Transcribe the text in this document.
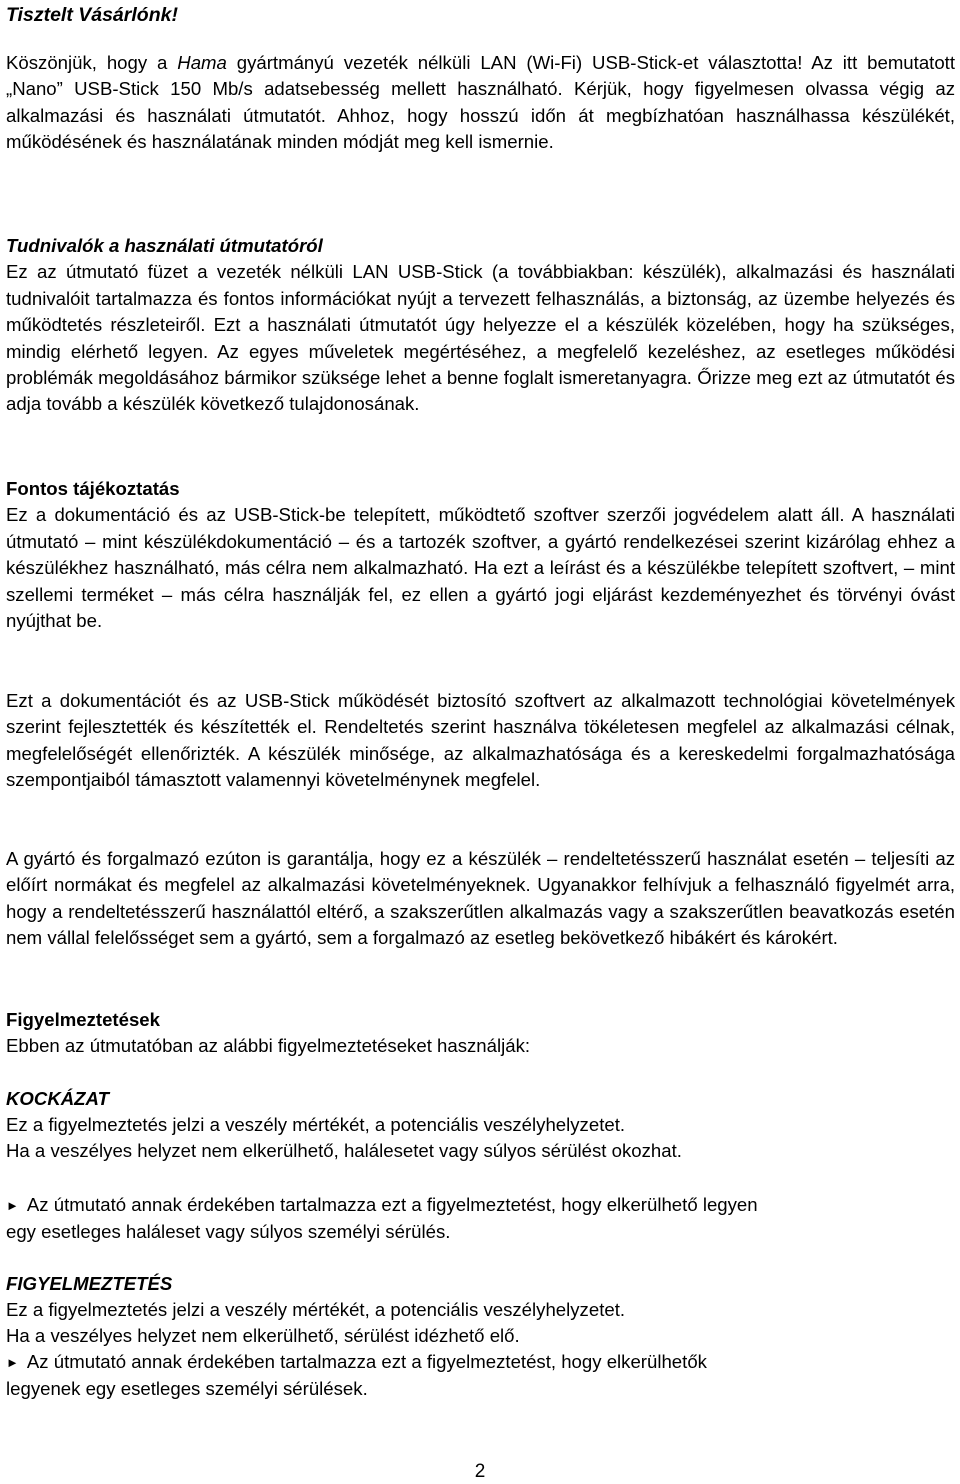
Tisztelt Vásárlónk!

Köszönjük, hogy a Hama gyártmányú vezeték nélküli LAN (Wi-Fi) USB-Stick-et választotta! Az itt bemutatott „Nano” USB-Stick 150 Mb/s adatsebesség mellett használható. Kérjük, hogy figyelmesen olvassa végig az alkalmazási és használati útmutatót. Ahhoz, hogy hosszú időn át megbízhatóan használhassa készülékét, működésének és használatának minden módját meg kell ismernie.

Tudnivalók a használati útmutatóról
Ez az útmutató füzet a vezeték nélküli LAN USB-Stick (a továbbiakban: készülék), alkalmazási és használati tudnivalóit tartalmazza és fontos információkat nyújt a tervezett felhasználás, a biztonság, az üzembe helyezés és működtetés részleteiről. Ezt a használati útmutatót úgy helyezze el a készülék közelében, hogy ha szükséges, mindig elérhető legyen. Az egyes műveletek megértéséhez, a megfelelő kezeléshez, az esetleges működési problémák megoldásához bármikor szüksége lehet a benne foglalt ismeretanyagra. Őrizze meg ezt az útmutatót és adja tovább a készülék következő tulajdonosának.

Fontos tájékoztatás
Ez a dokumentáció és az USB-Stick-be telepített, működtető szoftver szerzői jogvédelem alatt áll. A használati útmutató – mint készülékdokumentáció – és a tartozék szoftver, a gyártó rendelkezései szerint kizárólag ehhez a készülékhez használható, más célra nem alkalmazható. Ha ezt a leírást és a készülékbe telepített szoftvert, – mint szellemi terméket – más célra használják fel, ez ellen a gyártó jogi eljárást kezdeményezhet és törvényi óvást nyújthat be.

Ezt a dokumentációt és az USB-Stick működését biztosító szoftvert az alkalmazott technológiai követelmények szerint fejlesztették és készítették el. Rendeltetés szerint használva tökéletesen megfelel az alkalmazási célnak, megfelelőségét ellenőrizték. A készülék minősége, az alkalmazhatósága és a kereskedelmi forgalmazhatósága szempontjaiból támasztott valamennyi követelménynek megfelel.

A gyártó és forgalmazó ezúton is garantálja, hogy ez a készülék – rendeltetésszerű használat esetén – teljesíti az előírt normákat és megfelel az alkalmazási követelményeknek. Ugyanakkor felhívjuk a felhasználó figyelmét arra, hogy a rendeltetésszerű használattól eltérő, a szakszerűtlen alkalmazás vagy a szakszerűtlen beavatkozás esetén nem vállal felelősséget sem a gyártó, sem a forgalmazó az esetleg bekövetkező hibákért és károkért.

Figyelmeztetések
Ebben az útmutatóban az alábbi figyelmeztetéseket használják:

KOCKÁZAT
Ez a figyelmeztetés jelzi a veszély mértékét, a potenciális veszélyhelyzetet.
Ha a veszélyes helyzet nem elkerülhető, halálesetet vagy súlyos sérülést okozhat.

► Az útmutató annak érdekében tartalmazza ezt a figyelmeztetést, hogy elkerülhető legyen
egy esetleges haláleset vagy súlyos személyi sérülés.

FIGYELMEZTETÉS
Ez a figyelmeztetés jelzi a veszély mértékét, a potenciális veszélyhelyzetet.
Ha a veszélyes helyzet nem elkerülhető, sérülést idézhető elő.
► Az útmutató annak érdekében tartalmazza ezt a figyelmeztetést, hogy elkerülhetők
legyenek egy esetleges személyi sérülések.

2
